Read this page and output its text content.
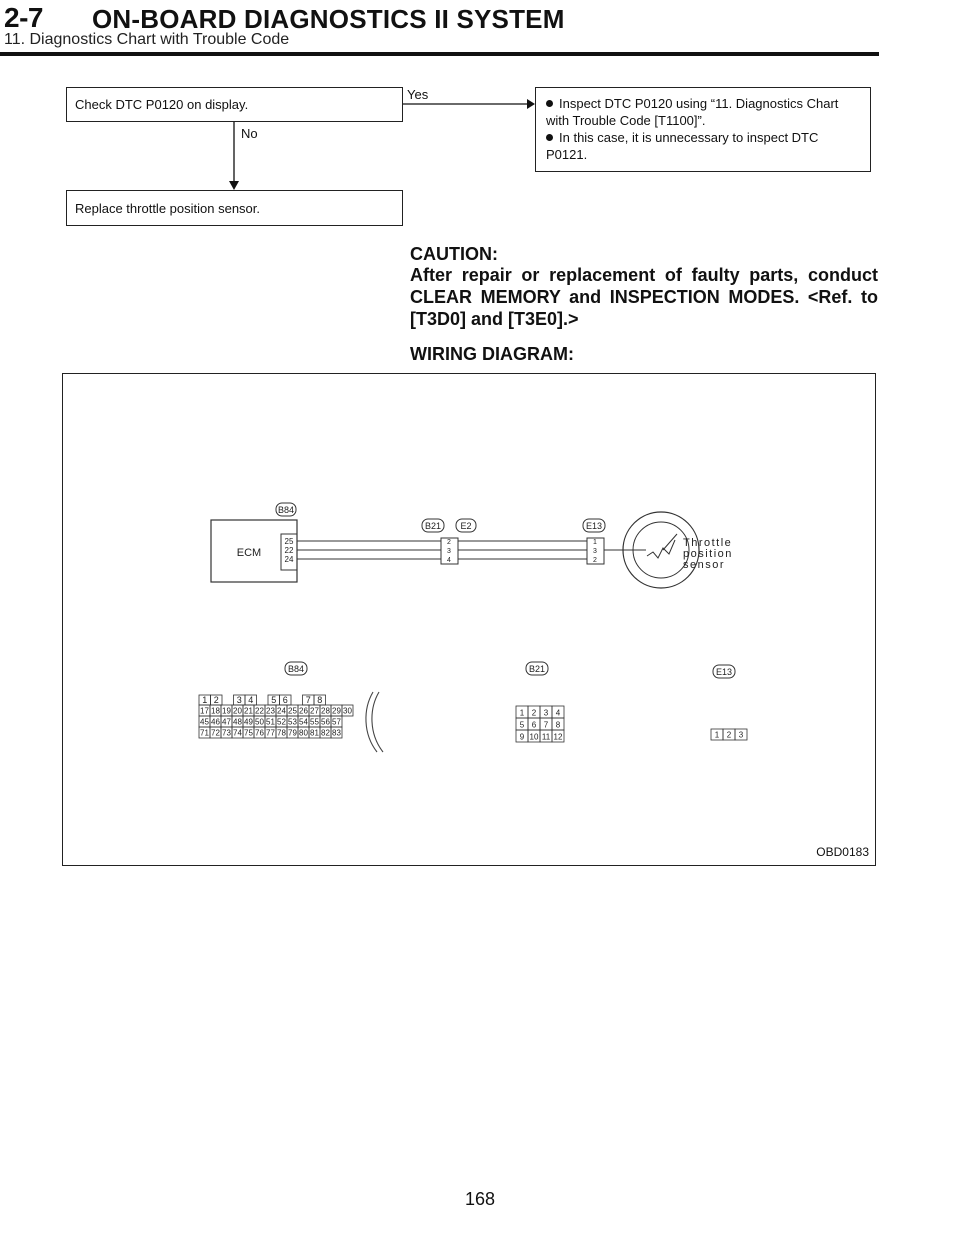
2-7 ON-BOARD DIAGNOSTICS II SYSTEM
11. Diagnostics Chart with Trouble Code
Check DTC P0120 on display.
Yes
No
Inspect DTC P0120 using “11. Diagnostics Chart with Trouble Code [T1100]”.
In this case, it is unnecessary to inspect DTC P0121.
Replace throttle position sensor.
CAUTION:
After repair or replacement of faulty parts, conduct CLEAR MEMORY and INSPECTION MODES. <Ref. to [T3D0] and [T3E0].>
WIRING DIAGRAM:
ECM
B84
B21 E2	E13
25
22
24
2
3
4
1
3
2
B84	B21	E13
Throttle
position
sensor
1 2 3 4 5 6 7 8
17 18 19 20 21 22 23 24 25 26 27 28 29 30
45 46 47 48 49 50 51 52 53 54 55 56 57
71 72 73 74 75 76 77 78 79 80 81 82 83
1 2 3 4
5 6 7 8
9 10 11 12	1 2 3
OBD0183
168
